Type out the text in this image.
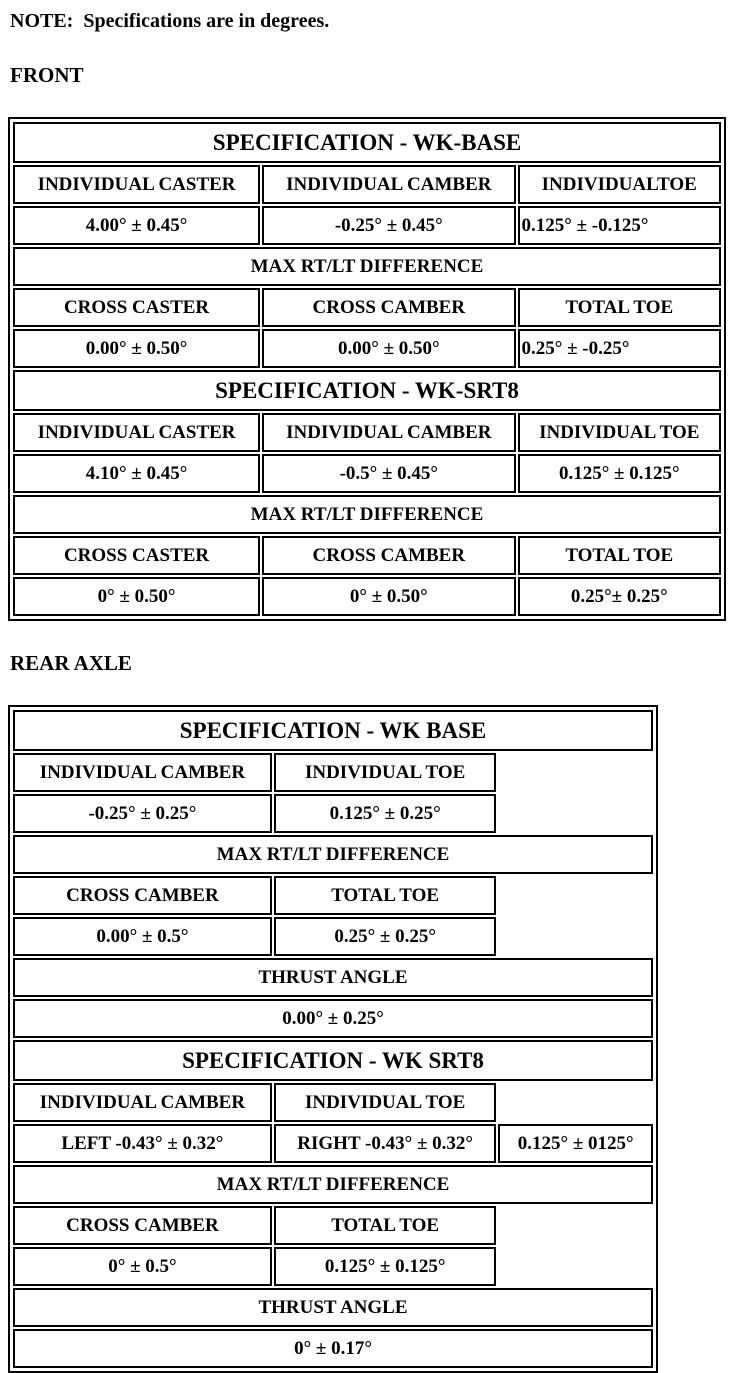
NOTE:  Specifications are in degrees.

FRONT
SPECIFICATION - WK-BASE		
INDIVIDUAL CASTER	INDIVIDUAL CAMBER	INDIVIDUALTOE
4.00° ± 0.45°	-0.25° ± 0.45°	0.125° ± -0.125°
MAX RT/LT DIFFERENCE		
CROSS CASTER	CROSS CAMBER	TOTAL TOE
0.00° ± 0.50°	0.00° ± 0.50°	0.25° ± -0.25°
SPECIFICATION - WK-SRT8		
INDIVIDUAL CASTER	INDIVIDUAL CAMBER	INDIVIDUAL TOE
4.10° ± 0.45°	-0.5° ± 0.45°	0.125° ± 0.125°
MAX RT/LT DIFFERENCE		
CROSS CASTER	CROSS CAMBER	TOTAL TOE
0° ± 0.50°	0° ± 0.50°	0.25°± 0.25°
REAR AXLE
SPECIFICATION - WK BASE		
INDIVIDUAL CAMBER	INDIVIDUAL TOE	
-0.25° ± 0.25°	0.125° ± 0.25°	
MAX RT/LT DIFFERENCE		
CROSS CAMBER	TOTAL TOE	
0.00° ± 0.5°	0.25° ± 0.25°	
THRUST ANGLE		
0.00° ± 0.25°		
SPECIFICATION - WK SRT8		
INDIVIDUAL CAMBER	INDIVIDUAL TOE	
LEFT -0.43° ± 0.32°	RIGHT -0.43° ± 0.32°	0.125° ± 0125°
MAX RT/LT DIFFERENCE		
CROSS CAMBER	TOTAL TOE	
0° ± 0.5°	0.125° ± 0.125°	
THRUST ANGLE		
0° ± 0.17°		
